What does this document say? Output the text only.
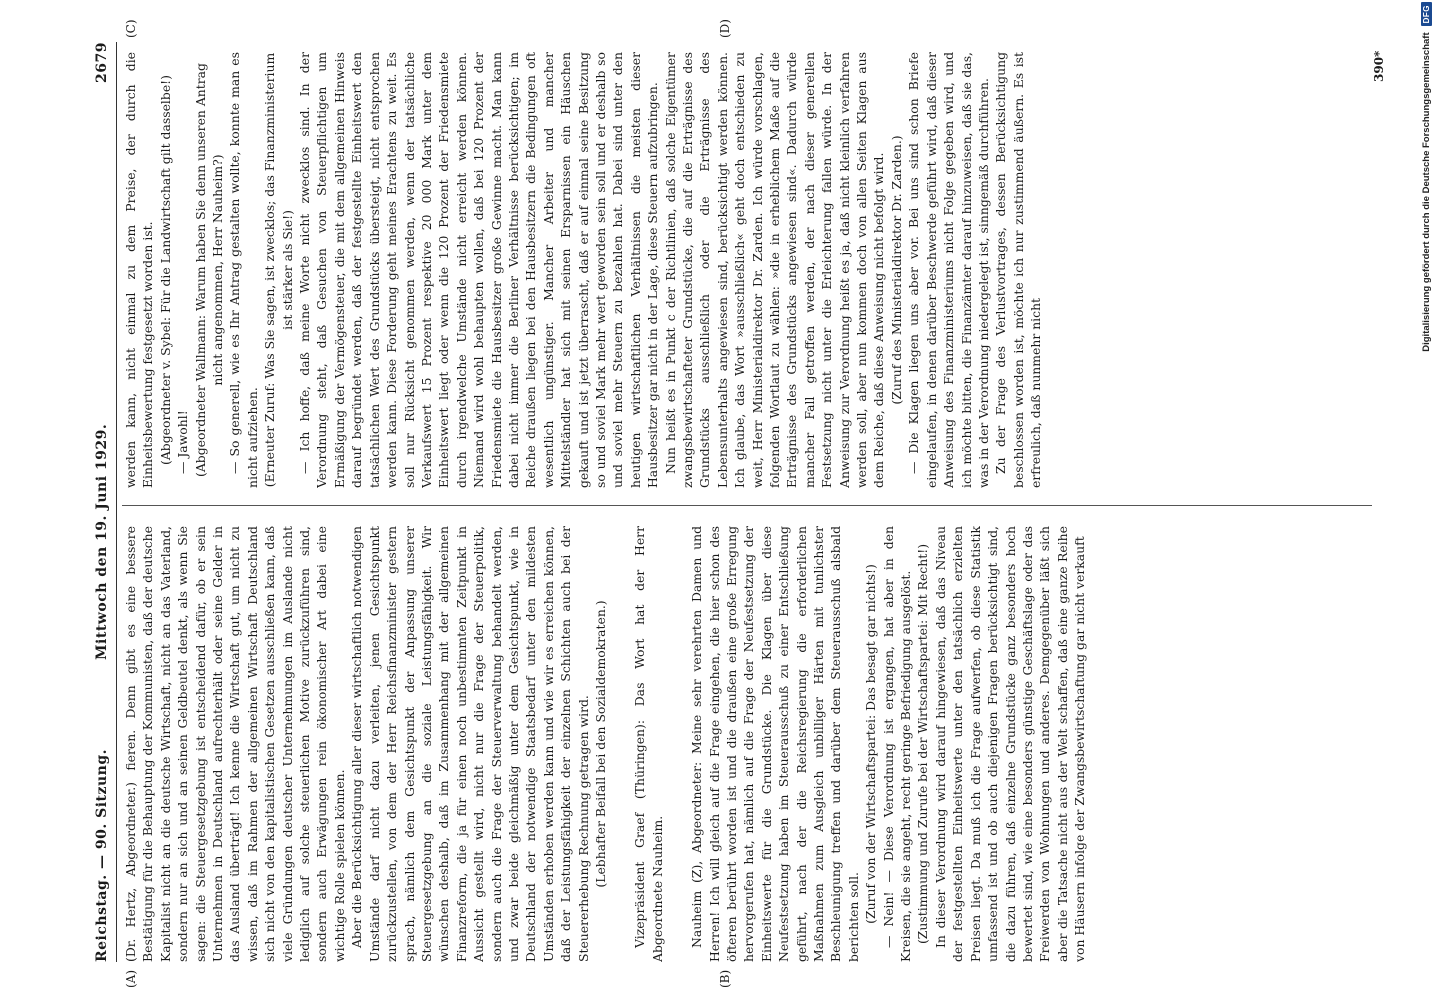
Reichstag. — 90. Sitzung.
Mittwoch den 19. Juni 1929.  2679

(Dr. Hertz, Abgeordneter.) fieren. Denn gibt es eine bessere Bestätigung für die Behauptung der Kommunisten, daß der deutsche Kapitalist nicht an die deutsche Wirtschaft, nicht an das Vaterland, sondern nur an sich und an seinen Geldbeutel denkt, als wenn Sie sagen: die Steuergesetzgebung ist entscheidend dafür, ob er sein Unternehmen in Deutschland aufrechterhält oder seine Gelder in das Ausland überträgt! Ich kenne die Wirtschaft gut, um nicht zu wissen, daß im Rahmen der allgemeinen Wirtschaft Deutschland sich nicht von den kapitalistischen Gesetzen ausschließen kann, daß viele Gründungen deutscher Unternehmungen im Auslande nicht lediglich auf solche steuerlichen Motive zurückzuführen sind, sondern auch Erwägungen rein ökonomischer Art dabei eine wichtige Rolle spielen können. Aber die Berücksichtigung aller dieser wirtschaftlich notwendigen Umstände darf nicht dazu verleiten, jenen Gesichtspunkt zurückzustellen, von dem der Herr Reichsfinanzminister gestern sprach, nämlich dem Gesichtspunkt der Anpassung unserer Steuergesetzgebung an die soziale Leistungsfähigkeit. Wir wünschen deshalb, daß im Zusammenhang mit der allgemeinen Finanzreform, die ja für einen noch unbestimmten Zeitpunkt in Aussicht gestellt wird, nicht nur die Frage der Steuerpolitik, sondern auch die Frage der Steuerverwaltung behandelt werden, und zwar beide gleichmäßig unter dem Gesichtspunkt, wie in Deutschland der notwendige Staatsbedarf unter den mildesten Umständen erhoben werden kann und wie wir es erreichen können, daß der Leistungsfähigkeit der einzelnen Schichten auch bei der Steuererhebung Rechnung getragen wird. (Lebhafter Beifall bei den Sozialdemokraten.) Vizepräsident Graef (Thüringen): Das Wort hat der Herr Abgeordnete Nauheim. Nauheim (Z), Abgeordneter: Meine sehr verehrten Damen und Herren! Ich will gleich auf die Frage eingehen, die hier schon des öfteren berührt worden ist und die draußen eine große Erregung hervorgerufen hat, nämlich auf die Frage der Neufestsetzung der Einheitswerte für die Grundstücke. Die Klagen über diese Neufestsetzung haben im Steuerausschuß zu einer Entschließung geführt, nach der die Reichsregierung die erforderlichen Maßnahmen zum Ausgleich unbilliger Härten mit tunlichster Beschleunigung treffen und darüber dem Steuerausschuß alsbald berichten soll. (Zuruf von der Wirtschaftspartei: Das besagt gar nichts!) — Nein! — Diese Verordnung ist ergangen, hat aber in den Kreisen, die sie angeht, recht geringe Befriedigung ausgelöst. (Zustimmung und Zurufe bei der Wirtschaftspartei: Mit Recht!) In dieser Verordnung wird darauf hingewiesen, daß das Niveau der festgestellten Einheitswerte unter den tatsächlich erzielten Preisen liegt. Da muß ich die Frage aufwerfen, ob diese Statistik umfassend ist und ob auch diejenigen Fragen berücksichtigt sind, die dazu führen, daß einzelne Grundstücke ganz besonders hoch bewertet sind, wie eine besonders günstige Geschäftslage oder das Freiwerden von Wohnungen und anderes. Demgegenüber läßt sich aber die Tatsache nicht aus der Welt schaffen, daß eine ganze Reihe von Häusern infolge der Zwangsbewirtschaftung gar nicht verkauft

werden kann, nicht einmal zu dem Preise, der durch die Einheitsbewertung festgesetzt worden ist. (Abgeordneter v. Sybel: Für die Landwirtschaft gilt dasselbe!) — Jawohl! (Abgeordneter Wallmann: Warum haben Sie denn unseren Antrag nicht angenommen, Herr Nauheim?) — So generell, wie es Ihr Antrag gestalten wollte, konnte man es nicht aufziehen. (Erneuter Zuruf: Was Sie sagen, ist zwecklos; das Finanzministerium ist stärker als Sie!) — Ich hoffe, daß meine Worte nicht zwecklos sind. In der Verordnung steht, daß Gesuchen von Steuerpflichtigen um Ermäßigung der Vermögensteuer, die mit dem allgemeinen Hinweis darauf begründet werden, daß der festgestellte Einheitswert den tatsächlichen Wert des Grundstücks übersteigt, nicht entsprochen werden kann. Diese Forderung geht meines Erachtens zu weit. Es soll nur Rücksicht genommen werden, wenn der tatsächliche Verkaufswert 15 Prozent respektive 20 000 Mark unter dem Einheitswert liegt oder wenn die 120 Prozent der Friedensmiete durch irgendwelche Umstände nicht erreicht werden können. Niemand wird wohl behaupten wollen, daß bei 120 Prozent der Friedensmiete die Hausbesitzer große Gewinne macht. Man kann dabei nicht immer die Berliner Verhältnisse berücksichtigen; im Reiche draußen liegen bei den Hausbesitzern die Bedingungen oft wesentlich ungünstiger. Mancher Arbeiter und mancher Mittelständler hat sich mit seinen Ersparnissen ein Häuschen gekauft und ist jetzt überrascht, daß er auf einmal seine Besitzung so und soviel Mark mehr wert geworden sein soll und er deshalb so und soviel mehr Steuern zu bezahlen hat. Dabei sind unter den heutigen wirtschaftlichen Verhältnissen die meisten dieser Hausbesitzer gar nicht in der Lage, diese Steuern aufzubringen. Nun heißt es in Punkt c der Richtlinien, daß solche Eigentümer zwangsbewirtschafteter Grundstücke, die auf die Erträgnisse des Grundstücks ausschließlich oder die Erträgnisse des Lebensunterhalts angewiesen sind, berücksichtigt werden können. Ich glaube, das Wort »ausschließlich« geht doch entschieden zu weit, Herr Ministerialdirektor Dr. Zarden. Ich würde vorschlagen, folgenden Wortlaut zu wählen: »die in erheblichem Maße auf die Erträgnisse des Grundstücks angewiesen sind«. Dadurch würde mancher Fall getroffen werden, der nach dieser generellen Festsetzung nicht unter die Erleichterung fallen würde. In der Anweisung zur Verordnung heißt es ja, daß nicht kleinlich verfahren werden soll, aber nun kommen doch von allen Seiten Klagen aus dem Reiche, daß diese Anweisung nicht befolgt wird. (Zuruf des Ministerialdirektor Dr. Zarden.) — Die Klagen liegen uns aber vor. Bei uns sind schon Briefe eingelaufen, in denen darüber Beschwerde geführt wird, daß dieser Anweisung des Finanzministeriums nicht Folge gegeben wird, und ich möchte bitten, die Finanzämter darauf hinzuweisen, daß sie das, was in der Verordnung niedergelegt ist, sinngemäß durchführen. Zu der Frage des Verlustvortrages, dessen Berücksichtigung beschlossen worden ist, möchte ich nur zustimmend äußern. Es ist erfreulich, daß nunmehr nicht

(A)	(B)
(C)	(D)
390*	Digitalisierung gefördert durch die Deutsche Forschungsgemeinschaft
DFG
